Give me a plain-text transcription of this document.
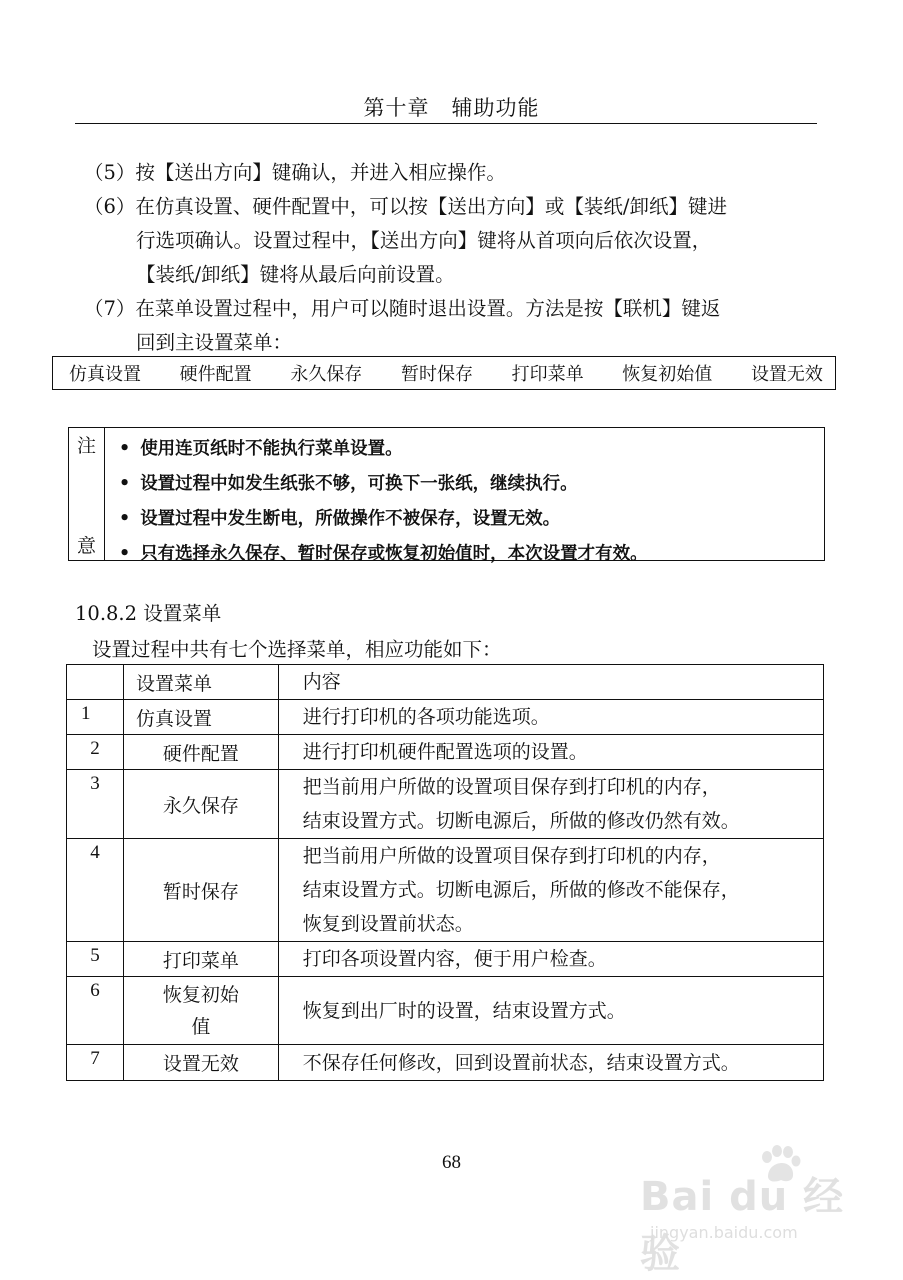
第十章　辅助功能
（5）按【送出方向】键确认，并进入相应操作。
（6）在仿真设置、硬件配置中，可以按【送出方向】或【装纸/卸纸】键进
行选项确认。设置过程中，【送出方向】键将从首项向后依次设置，
【装纸/卸纸】键将从最后向前设置。
（7）在菜单设置过程中，用户可以随时退出设置。方法是按【联机】键返
回到主设置菜单：
仿真设置 硬件配置 永久保存 暂时保存 打印菜单 恢复初始值 设置无效
注
意
• 使用连页纸时不能执行菜单设置。
• 设置过程中如发生纸张不够，可换下一张纸，继续执行。
• 设置过程中发生断电，所做操作不被保存，设置无效。
• 只有选择永久保存、暂时保存或恢复初始值时，本次设置才有效。
10.8.2 设置菜单
设置过程中共有七个选择菜单，相应功能如下：
	设置菜单	内容
1	仿真设置	进行打印机的各项功能选项。
2	硬件配置	进行打印机硬件配置选项的设置。
3	永久保存	把当前用户所做的设置项目保存到打印机的内存，
结束设置方式。切断电源后，所做的修改仍然有效。

4	暂时保存	把当前用户所做的设置项目保存到打印机的内存，
结束设置方式。切断电源后，所做的修改不能保存，
恢复到设置前状态。

5	打印菜单	打印各项设置内容，便于用户检查。
6	恢复初始
值	恢复到出厂时的设置，结束设置方式。
7	设置无效	不保存任何修改，回到设置前状态，结束设置方式。
68
Bai du 经验
jingyan.baidu.com
